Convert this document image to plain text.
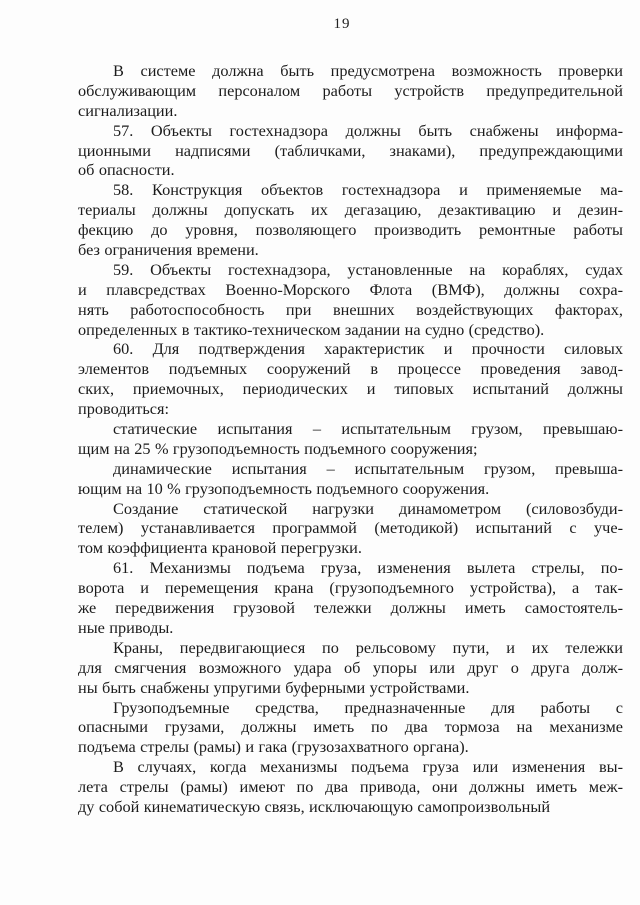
19

В системе должна быть предусмотрена возможность проверки
обслуживающим персоналом работы устройств предупредительной
сигнализации.

57. Объекты гостехнадзора должны быть снабжены информа-
ционными надписями (табличками, знаками), предупреждающими
об опасности.

58. Конструкция объектов гостехнадзора и применяемые ма-
териалы должны допускать их дегазацию, дезактивацию и дезин-
фекцию до уровня, позволяющего производить ремонтные работы
без ограничения времени.

59. Объекты гостехнадзора, установленные на кораблях, судах
и плавсредствах Военно-Морского Флота (ВМФ), должны сохра-
нять работоспособность при внешних воздействующих факторах,
определенных в тактико-техническом задании на судно (средство).

60. Для подтверждения характеристик и прочности силовых
элементов подъемных сооружений в процессе проведения завод-
ских, приемочных, периодических и типовых испытаний должны
проводиться:

статические испытания – испытательным грузом, превышаю-
щим на 25 % грузоподъемность подъемного сооружения;

динамические испытания – испытательным грузом, превыша-
ющим на 10 % грузоподъемность подъемного сооружения.

Создание статической нагрузки динамометром (силовозбуди-
телем) устанавливается программой (методикой) испытаний с уче-
том коэффициента крановой перегрузки.

61. Механизмы подъема груза, изменения вылета стрелы, по-
ворота и перемещения крана (грузоподъемного устройства), а так-
же передвижения грузовой тележки должны иметь самостоятель-
ные приводы.

Краны, передвигающиеся по рельсовому пути, и их тележки
для смягчения возможного удара об упоры или друг о друга долж-
ны быть снабжены упругими буферными устройствами.

Грузоподъемные средства, предназначенные для работы с
опасными грузами, должны иметь по два тормоза на механизме
подъема стрелы (рамы) и гака (грузозахватного органа).

В случаях, когда механизмы подъема груза или изменения вы-
лета стрелы (рамы) имеют по два привода, они должны иметь меж-
ду собой кинематическую связь, исключающую самопроизвольный
